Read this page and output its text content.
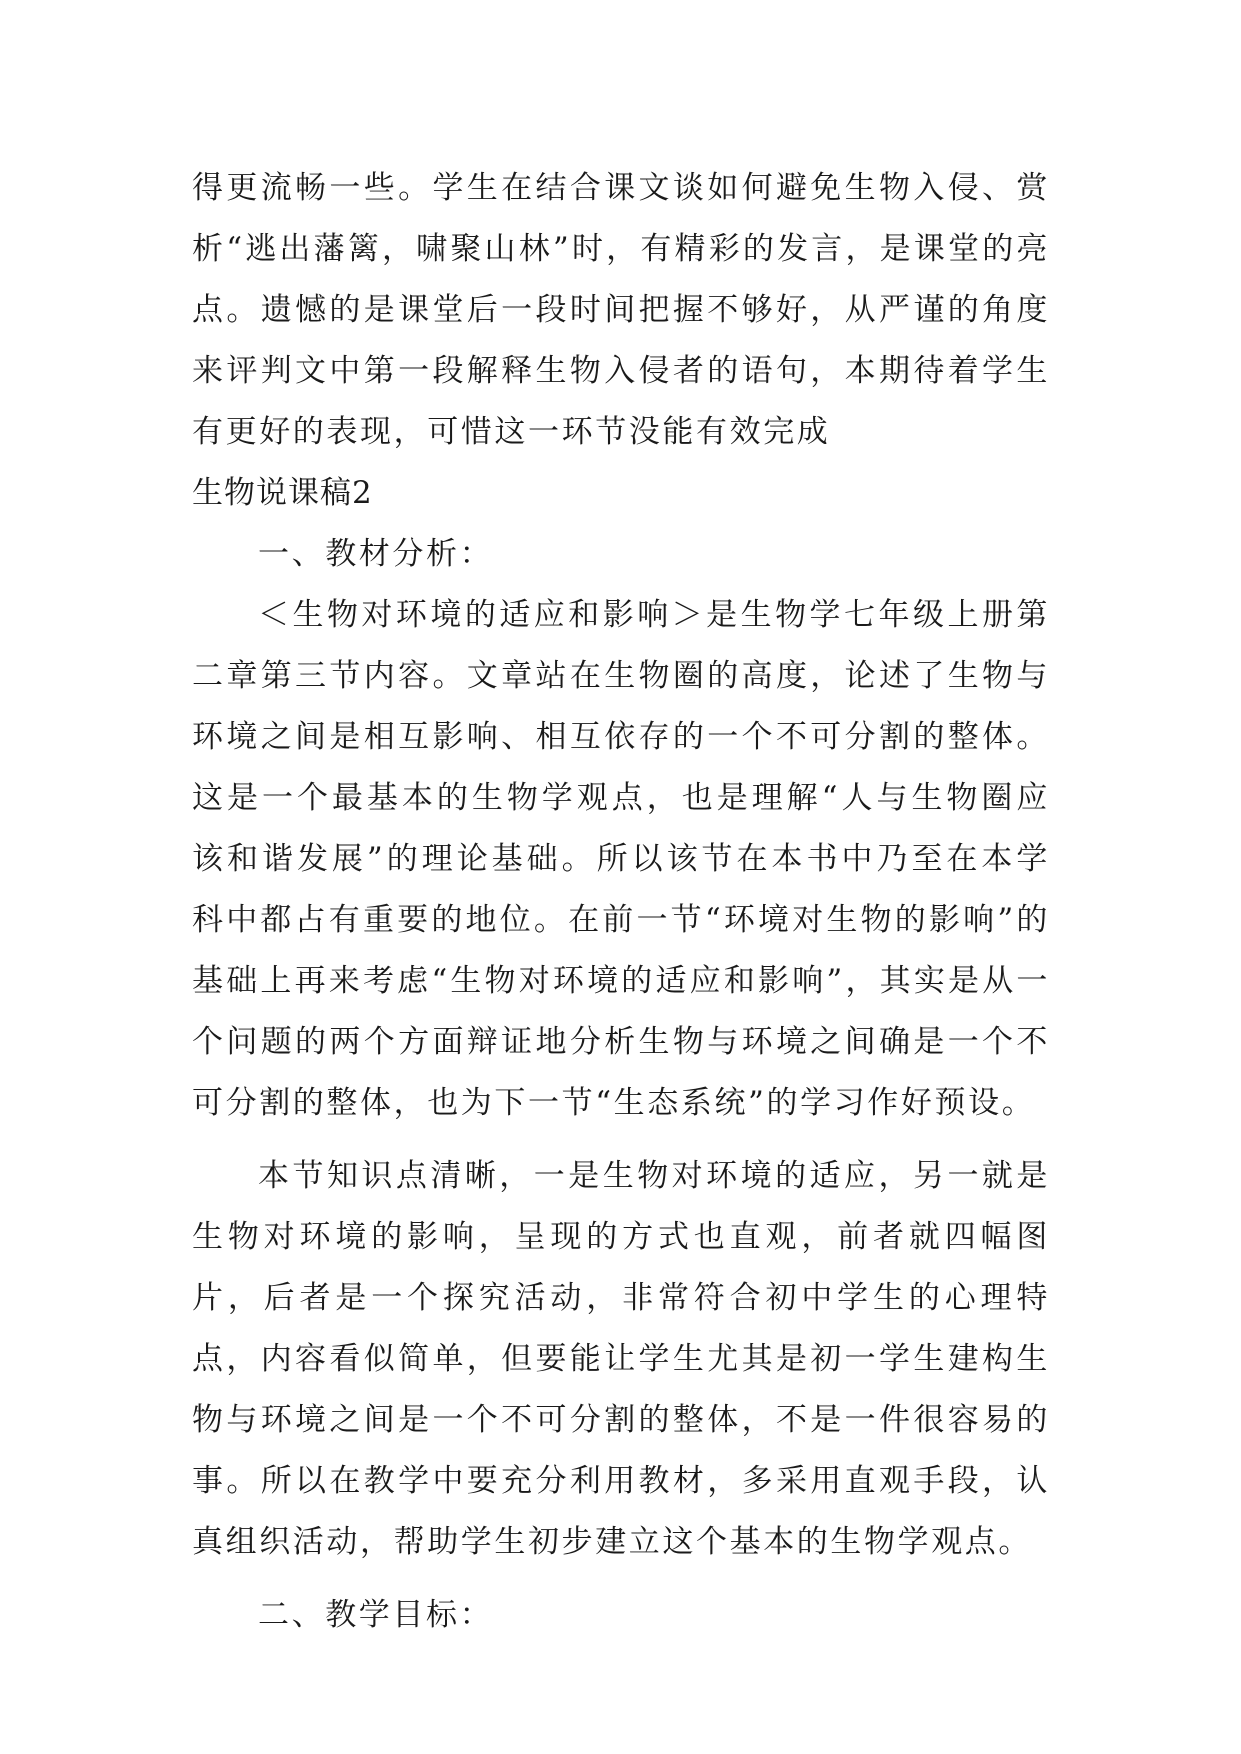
得更流畅一些。学生在结合课文谈如何避免生物入侵、赏析“逃出藩篱，啸聚山林”时，有精彩的发言，是课堂的亮点。遗憾的是课堂后一段时间把握不够好，从严谨的角度来评判文中第一段解释生物入侵者的语句，本期待着学生有更好的表现，可惜这一环节没能有效完成

生物说课稿2

一、教材分析：

＜生物对环境的适应和影响＞是生物学七年级上册第二章第三节内容。文章站在生物圈的高度，论述了生物与环境之间是相互影响、相互依存的一个不可分割的整体。这是一个最基本的生物学观点，也是理解“人与生物圈应该和谐发展”的理论基础。所以该节在本书中乃至在本学科中都占有重要的地位。在前一节“环境对生物的影响”的基础上再来考虑“生物对环境的适应和影响”，其实是从一个问题的两个方面辩证地分析生物与环境之间确是一个不可分割的整体，也为下一节“生态系统”的学习作好预设。

本节知识点清晰，一是生物对环境的适应，另一就是生物对环境的影响，呈现的方式也直观，前者就四幅图片，后者是一个探究活动，非常符合初中学生的心理特点，内容看似简单，但要能让学生尤其是初一学生建构生物与环境之间是一个不可分割的整体，不是一件很容易的事。所以在教学中要充分利用教材，多采用直观手段，认真组织活动，帮助学生初步建立这个基本的生物学观点。

二、教学目标：
